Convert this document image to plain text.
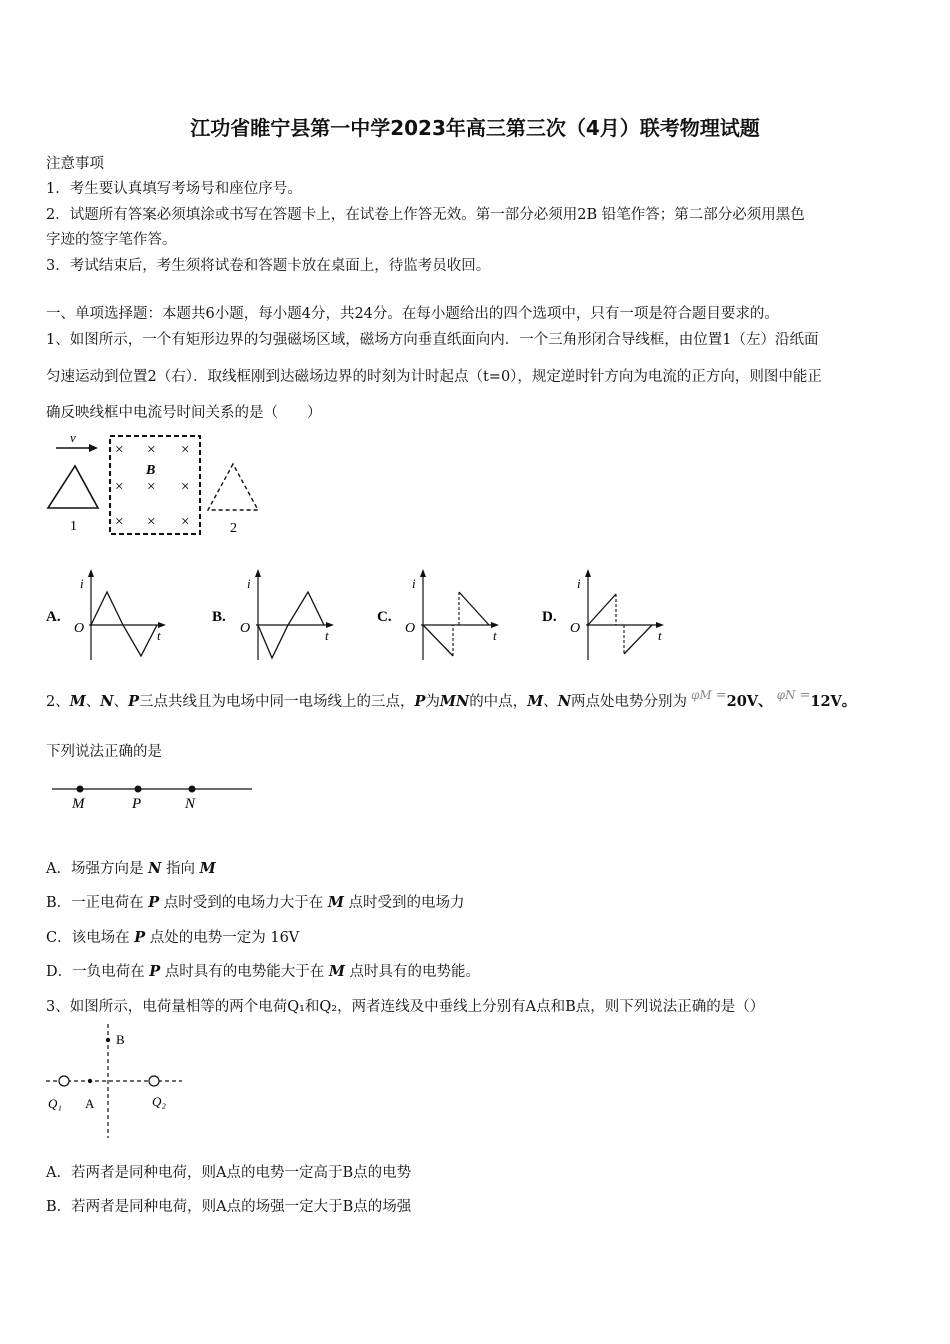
江功省睢宁县第一中学2023年高三第三次（4月）联考物理试题
注意事项
1．考生要认真填写考场号和座位序号。
2．试题所有答案必须填涂或书写在答题卡上，在试卷上作答无效。第一部分必须用2B 铅笔作答；第二部分必须用黑色
字迹的签字笔作答。
3．考试结束后，考生须将试卷和答题卡放在桌面上，待监考员收回。
一、单项选择题：本题共6小题，每小题4分，共24分。在每小题给出的四个选项中，只有一项是符合题目要求的。
1、如图所示，一个有矩形边界的匀强磁场区域，磁场方向垂直纸面向内．一个三角形闭合导线框，由位置1（左）沿纸面
匀速运动到位置2（右）．取线框刚到达磁场边界的时刻为计时起点（t=0），规定逆时针方向为电流的正方向，则图中能正
确反映线框中电流号时间关系的是（　　）
v
1
B
× × ×
× × ×
× × ×	2
A.
i
O	t
B.
i
O	t
C.
i
O	t
D.
i
O	t
2、M、N、P三点共线且为电场中同一电场线上的三点，P为MN的中点，M、N两点处电势分别为 $^{\varphi M}$ =20V、 $^{\varphi N}$ =12V。
下列说法正确的是
M	P	N
A．场强方向是 N 指向 M
B．一正电荷在 P 点时受到的电场力大于在 M 点时受到的电场力
C．该电场在 P 点处的电势一定为 16V
D．一负电荷在 P 点时具有的电势能大于在 M 点时具有的电势能。
3、如图所示，电荷量相等的两个电荷Q₁和Q₂，两者连线及中垂线上分别有A点和B点，则下列说法正确的是（）
B
Q₁ A	Q₂
A．若两者是同种电荷，则A点的电势一定高于B点的电势
B．若两者是同种电荷，则A点的场强一定大于B点的场强
